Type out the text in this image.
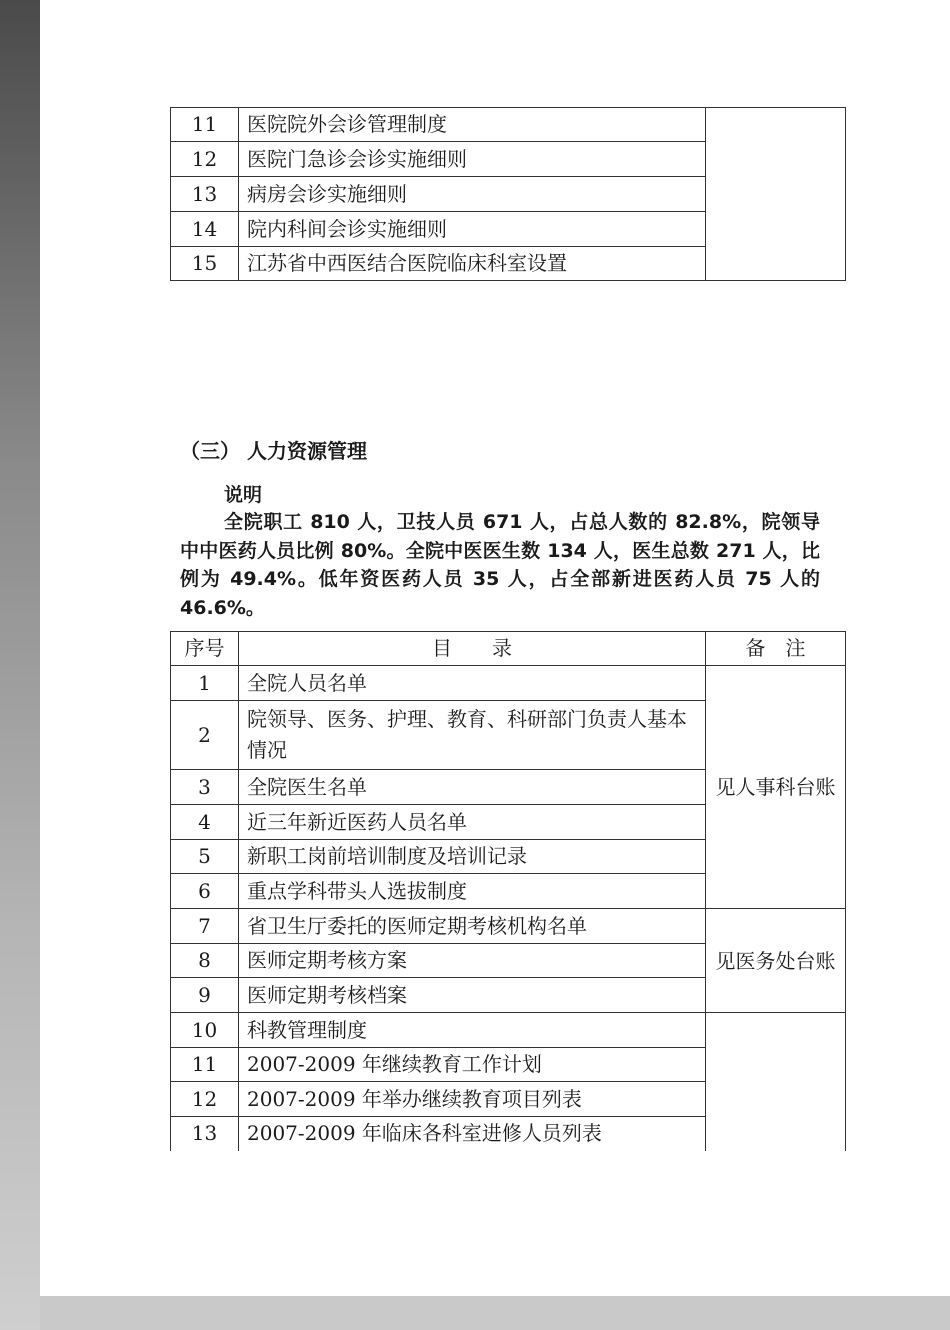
11	医院院外会诊管理制度	
12	医院门急诊会诊实施细则	
13	病房会诊实施细则	
14	院内科间会诊实施细则	
15	江苏省中西医结合医院临床科室设置	
（三） 人力资源管理
说明

全院职工 810 人，卫技人员 671 人，占总人数的 82.8%，院领导中中医药人员比例 80%。全院中医医生数 134 人，医生总数 271 人，比例为 49.4%。低年资医药人员 35 人，占全部新进医药人员 75 人的 46.6%。

序号	目　　录	备　注
1	全院人员名单	见人事科台账
2	院领导、医务、护理、教育、科研部门负责人基本情况	
3	全院医生名单	
4	近三年新近医药人员名单	
5	新职工岗前培训制度及培训记录	
6	重点学科带头人选拔制度	
7	省卫生厅委托的医师定期考核机构名单	见医务处台账
8	医师定期考核方案	
9	医师定期考核档案	
10	科教管理制度	
11	2007-2009 年继续教育工作计划	
12	2007-2009 年举办继续教育项目列表	
13	2007-2009 年临床各科室进修人员列表	
